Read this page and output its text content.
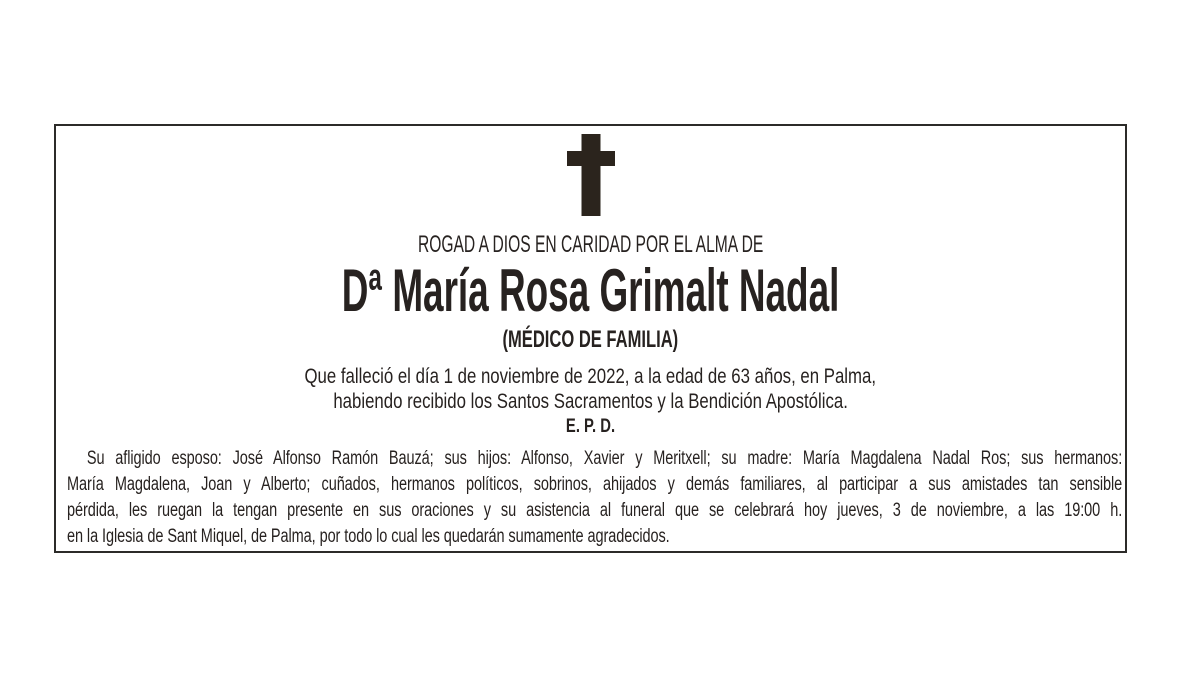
ROGAD A DIOS EN CARIDAD POR EL ALMA DE
Dª María Rosa Grimalt Nadal
(MÉDICO DE FAMILIA)
Que falleció el día 1 de noviembre de 2022, a la edad de 63 años, en Palma,
habiendo recibido los Santos Sacramentos y la Bendición Apostólica.
E. P. D.
Su afligido esposo: José Alfonso Ramón Bauzá; sus hijos: Alfonso, Xavier y Meritxell; su madre: María Magdalena Nadal Ros; sus hermanos:
María Magdalena, Joan y Alberto; cuñados, hermanos políticos, sobrinos, ahijados y demás familiares, al participar a sus amistades tan sensible
pérdida, les ruegan la tengan presente en sus oraciones y su asistencia al funeral que se celebrará hoy jueves, 3 de noviembre, a las 19:00 h.
en la Iglesia de Sant Miquel, de Palma, por todo lo cual les quedarán sumamente agradecidos.
